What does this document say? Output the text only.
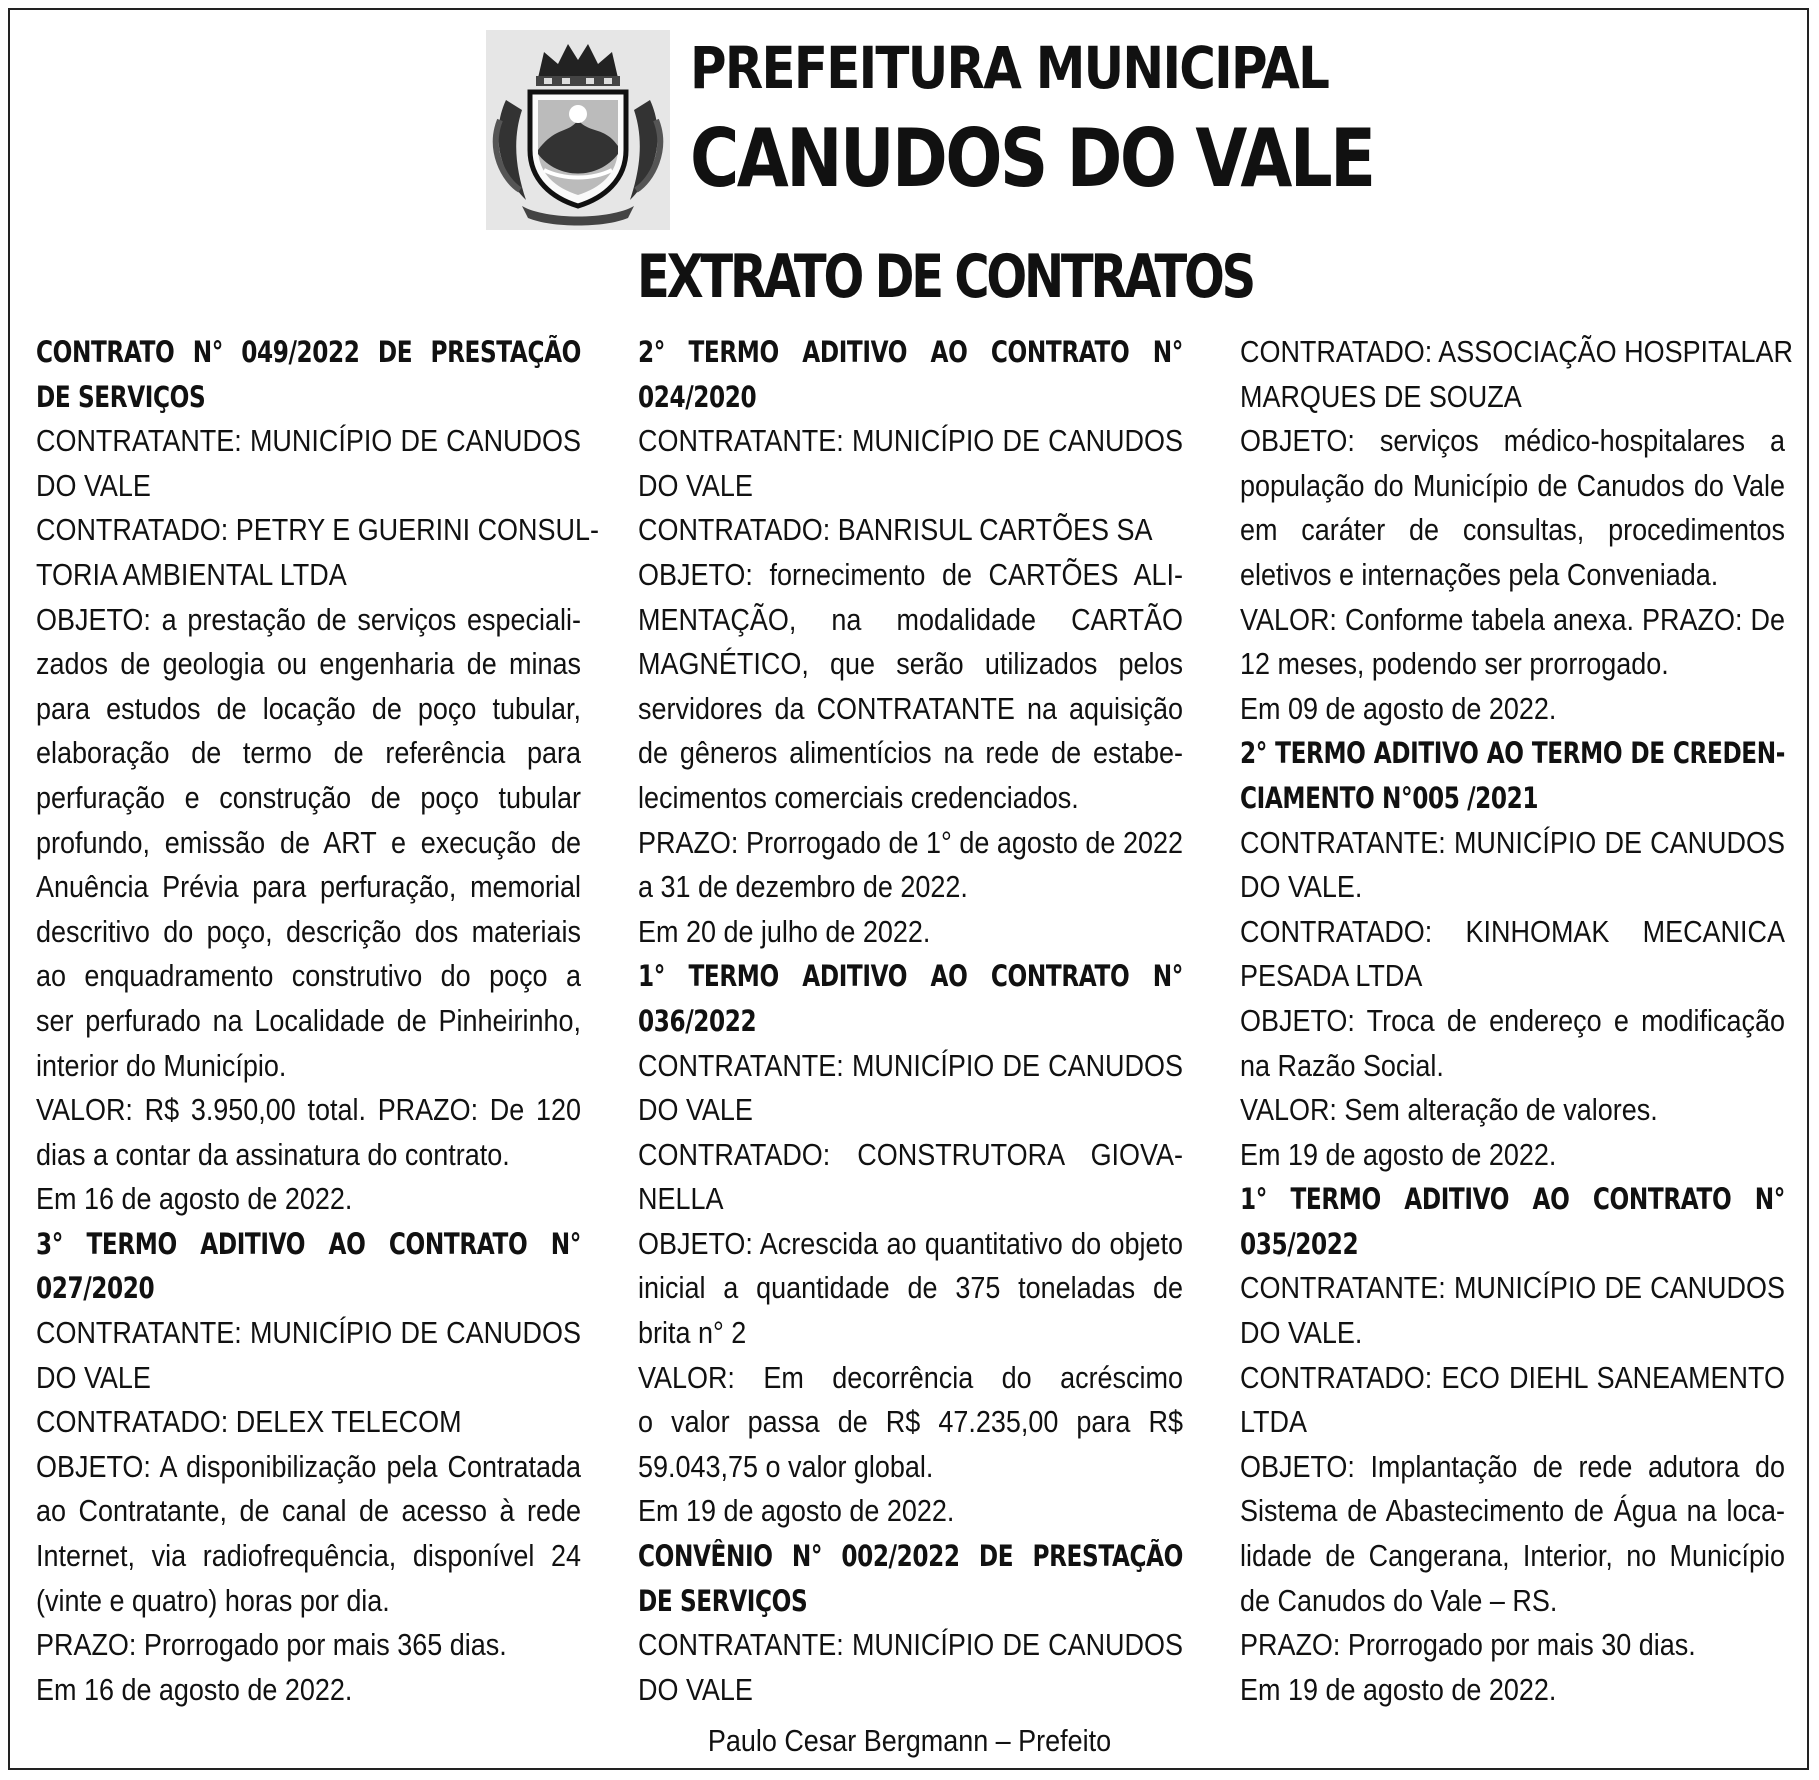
PREFEITURA MUNICIPAL
CANUDOS DO VALE
EXTRATO DE CONTRATOS
CONTRATO N° 049/2022 DE PRESTAÇÃO
DE SERVIÇOS
CONTRATANTE: MUNICÍPIO DE CANUDOS
DO VALE
CONTRATADO: PETRY E GUERINI CONSUL-
TORIA AMBIENTAL LTDA
OBJETO: a prestação de serviços especiali-
zados de geologia ou engenharia de minas
para estudos de locação de poço tubular,
elaboração de termo de referência para
perfuração e construção de poço tubular
profundo, emissão de ART e execução de
Anuência Prévia para perfuração, memorial
descritivo do poço, descrição dos materiais
ao enquadramento construtivo do poço a
ser perfurado na Localidade de Pinheirinho,
interior do Município.
VALOR: R$ 3.950,00 total. PRAZO: De 120
dias a contar da assinatura do contrato.
Em 16 de agosto de 2022.
3° TERMO ADITIVO AO CONTRATO N°
027/2020
CONTRATANTE: MUNICÍPIO DE CANUDOS
DO VALE
CONTRATADO: DELEX TELECOM
OBJETO: A disponibilização pela Contratada
ao Contratante, de canal de acesso à rede
Internet, via radiofrequência, disponível 24
(vinte e quatro) horas por dia.
PRAZO: Prorrogado por mais 365 dias.
Em 16 de agosto de 2022.
2° TERMO ADITIVO AO CONTRATO N°
024/2020
CONTRATANTE: MUNICÍPIO DE CANUDOS
DO VALE
CONTRATADO: BANRISUL CARTÕES SA
OBJETO: fornecimento de CARTÕES ALI-
MENTAÇÃO, na modalidade CARTÃO
MAGNÉTICO, que serão utilizados pelos
servidores da CONTRATANTE na aquisição
de gêneros alimentícios na rede de estabe-
lecimentos comerciais credenciados.
PRAZO: Prorrogado de 1° de agosto de 2022
a 31 de dezembro de 2022.
Em 20 de julho de 2022.
1° TERMO ADITIVO AO CONTRATO N°
036/2022
CONTRATANTE: MUNICÍPIO DE CANUDOS
DO VALE
CONTRATADO: CONSTRUTORA GIOVA-
NELLA
OBJETO: Acrescida ao quantitativo do objeto
inicial a quantidade de 375 toneladas de
brita n° 2
VALOR: Em decorrência do acréscimo
o valor passa de R$ 47.235,00 para R$
59.043,75 o valor global.
Em 19 de agosto de 2022.
CONVÊNIO N° 002/2022 DE PRESTAÇÃO
DE SERVIÇOS
CONTRATANTE: MUNICÍPIO DE CANUDOS
DO VALE
CONTRATADO: ASSOCIAÇÃO HOSPITALAR
MARQUES DE SOUZA
OBJETO: serviços médico-hospitalares a
população do Município de Canudos do Vale
em caráter de consultas, procedimentos
eletivos e internações pela Conveniada.
VALOR: Conforme tabela anexa. PRAZO: De
12 meses, podendo ser prorrogado.
Em 09 de agosto de 2022.
2° TERMO ADITIVO AO TERMO DE CREDEN-
CIAMENTO N°005 /2021
CONTRATANTE: MUNICÍPIO DE CANUDOS
DO VALE.
CONTRATADO: KINHOMAK MECANICA
PESADA LTDA
OBJETO: Troca de endereço e modificação
na Razão Social.
VALOR: Sem alteração de valores.
Em 19 de agosto de 2022.
1° TERMO ADITIVO AO CONTRATO N°
035/2022
CONTRATANTE: MUNICÍPIO DE CANUDOS
DO VALE.
CONTRATADO: ECO DIEHL SANEAMENTO
LTDA
OBJETO: Implantação de rede adutora do
Sistema de Abastecimento de Água na loca-
lidade de Cangerana, Interior, no Município
de Canudos do Vale – RS.
PRAZO: Prorrogado por mais 30 dias.
Em 19 de agosto de 2022.
Paulo Cesar Bergmann – Prefeito
